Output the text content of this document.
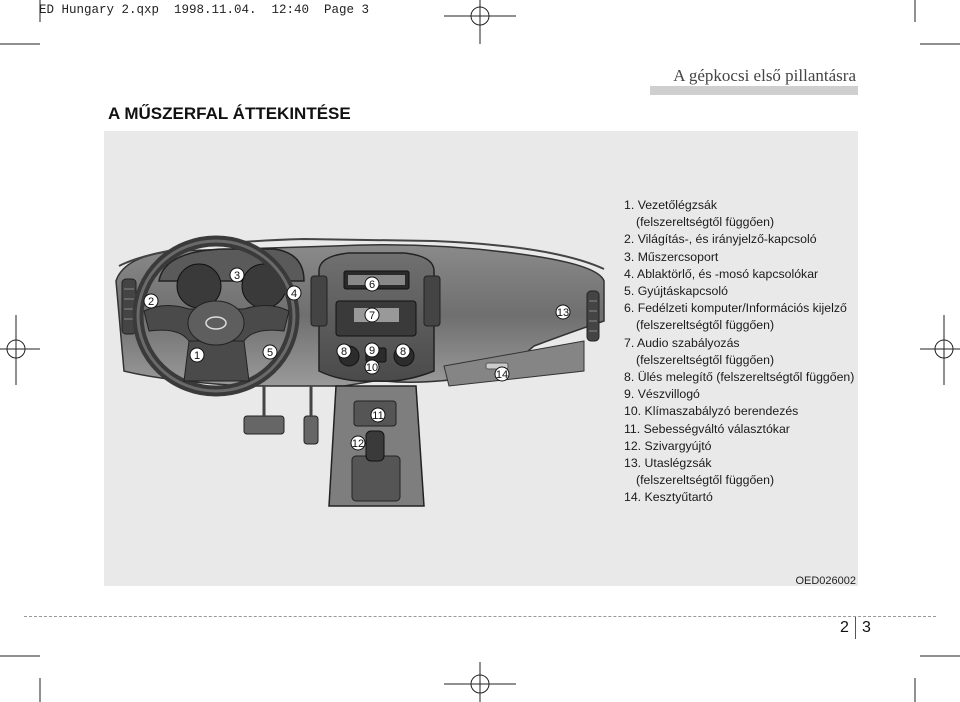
ED Hungary 2.qxp  1998.11.04.  12:40  Page 3
A gépkocsi első pillantásra
A MŰSZERFAL ÁTTEKINTÉSE
1
2
3
4
5
6
7
8 9 8
10
11
12
13
14
1. Vezetőlégzsák
(felszereltségtől függően)
2. Világítás-, és irányjelző-kapcsoló
3. Műszercsoport
4. Ablaktörlő, és -mosó kapcsolókar
5. Gyújtáskapcsoló
6. Fedélzeti komputer/Információs kijelző
(felszereltségtől függően)
7. Audio szabályozás
(felszereltségtől függően)
8. Ülés melegítő (felszereltségtől függően)
9. Vészvillogó
10. Klímaszabályzó berendezés
11. Sebességváltó választókar
12. Szivargyújtó
13. Utaslégzsák
(felszereltségtől függően)
14. Kesztyűtartó
OED026002
2 3
